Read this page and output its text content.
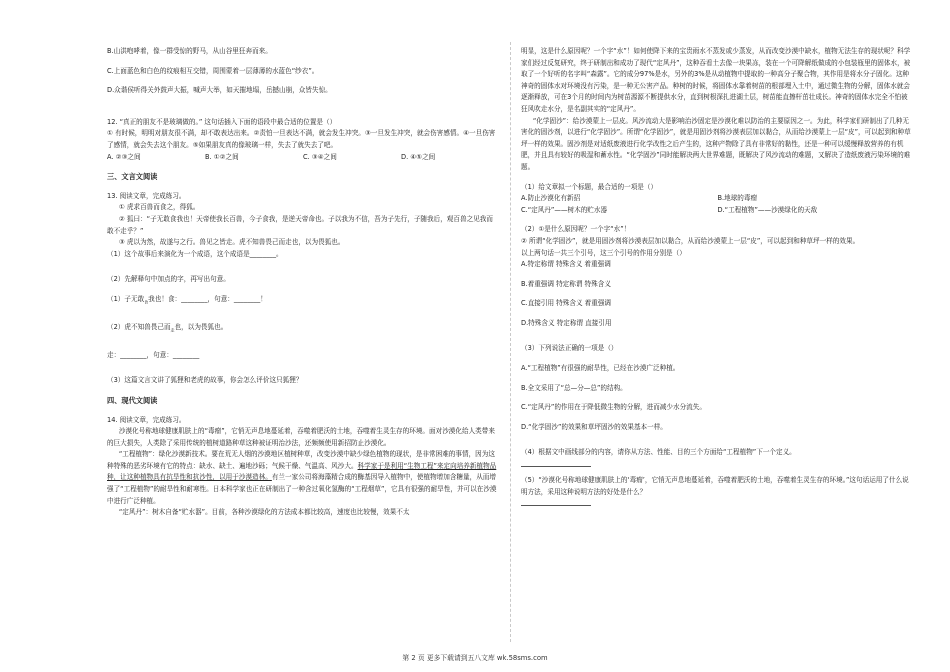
B.山洪咆哮着，像一群受惊的野马，从山谷里狂奔而来。

C.上面蓝色和白色的纹痕相互交错，周围蒙着一层薄薄的水蓝色“纱衣”。

D.众谐侯听得关外鼓声大振，喊声大举，如天摧地塌，岳撼山崩，众皆失惊。

12. “真正的朋友不是玻璃做的。” 这句话插入下面的语段中最合适的位置是（）

① 有时候，明明对朋友很不满，却不敢表达出来。②责怕一旦表达不满，就会发生冲突。③一旦发生冲突，就会伤害感情。④一旦伤害了感情，就会失去这个朋友。⑤如果朋友真的像玻璃一样，失去了就失去了吧。

A. ②③之间	B. ①②之间	C. ③④之间	D. ④⑤之间

三、文言文阅读

13. 阅读文章，完成练习。

① 虎求百兽而食之，得狐。

② 狐曰：“子无敢食我也！天帝使我长百兽，今子食我，是逆天帝命也。子以我为不信，吾为子先行，子随我后，观百兽之见我而敢不走乎？”

③ 虎以为然，故遂与之行。兽见之皆走。虎不知兽畏己而走也，以为畏狐也。

（1）这个故事后来演化为一个成语，这个成语是________。

（2）先解释句中加点的字，再写出句意。

（1）子无敢$_食$我也！食：________，句意：________！

（2）虎不知兽畏己而$_走$也，以为畏狐也。

走：________，句意：________

（3）这篇文言文讲了狐狸和老虎的故事，你会怎么评价这只狐狸？

四、现代文阅读

14. 阅读文章，完成练习。

沙漠化号称地球健康肌肤上的“毒瘤”，它悄无声息地蔓延着，吞噬着肥沃的土地，吞噬着生灵生存的环境。面对沙漠化给人类带来的巨大损失，人类除了采用传统的植树道路种草这种被证明治沙法，还频频使用新招防止沙漠化。

“工程植物”：绿化沙漠新技术。要在荒无人烟的沙漠地区植树种草，改变沙漠中缺少绿色植物的现状，是非常困难的事情，因为这种特殊的恶劣环境有它的特点：缺水、缺土、遍地沙砾；气候干燥、气温高、风沙大。科学家于是利用“生物工程”来定向培养新植物品种，让这种植物具有抗旱性和抗沙性，以用于沙漠造林。有兰一家公司将海藻精合成的酶基因导入植物中，使植物增加含糖量，从而增强了“工程植物”的耐旱性和耐寒性。日本科学家也正在研制出了一种含过氧化氢酶的“工程烟草”，它具有很强的耐旱性，并可以在沙漠中进行广泛种植。

“定风丹”：树木自备“贮水器”。目前，各种沙漠绿化的方法成本都比较高，速度也比较慢，效果不太

明显，这是什么原因呢？一个字“水”！如何使降下来的宝贵雨水不蒸发或少蒸发，从而改变沙漠中缺水，植物无法生存的现状呢？科学家们经过反复研究，终于研制出和成功了现代“定风丹”，这种吞看土去像一块果冻，装在一个可降解纸做成的小包装瓶里的固体水，被取了一个好听的名字叫“森露”。它的成分97%是水，另外的3%是从动植物中提取的一种高分子聚合物，其作用是将水分子固化。这种神奇的固体水对环境没有污染，是一种无公害产品。种树的时候，将固体水靠着树苗的根部埋入土中，通过微生物的分解，固体水就会逐渐释放，可在3个月的时间内为树苗源源不断提供水分，直到树根深扎进湖土层，树苗能直擦杆茁壮成长。神奇的固体水完全不怕被狂风吹走水分，是名副其实的“定风丹”。

“化学固沙”：给沙漠蒙上一层皮。风沙流动大是影响治沙固定是沙漠化难以防治的主要原因之一。为此，科学家们研制出了几种无害化的固沙剂，以进行“化学固沙”。所谓“化学固沙”，就是用固沙剂将沙漠表层加以黏合，从而给沙漠蒙上一层“皮”，可以起到和种草坪一样的效果。固沙剂是对适纸废液进行化学改性之后产生的，这种产物除了具有非常好的黏性，还是一种可以缓慢释放营养的有机肥，并且具有较好的吸湿和蓄水性。“化学固沙”同时能解决两大世界难题，既解决了风沙流动的难题，又解决了造纸废液污染环境的难题。

（1）给文章拟一个标题，最合适的一项是（）

A.防止沙漠化有新招	B.地球的毒瘤
C.“定风丹”——树木的贮水器	D.“工程植物”——沙漠绿化的天敌

（2）①是什么原因呢？一个字“水”！

② 所谓“化学固沙”，就是用固沙剂将沙漠表层加以黏合，从而给沙漠蒙上一层“皮”，可以起到和种草坪一样的效果。

以上两句话一共三个引号，这三个引号的作用分别是（）

A.特定称谓 特殊含义 着重强调

B.着重强调 特定称谓 特殊含义

C.直接引用 特殊含义 着重强调

D.特殊含义 特定称谓 直接引用

（3）下列说法正确的一项是（）

A.“工程植物”有很强的耐旱性，已经在沙漠广泛种植。

B.全文采用了“总—分—总”的结构。

C.“定风丹”的作用在于降低微生物的分解，进而减少水分流失。

D.“化学固沙”的效果和草坪固沙的效果基本一样。

（4）根据文中画线部分的内容，请你从方法、性能、目的三个方面给“工程植物”下一个定义。

（5）“沙漠化号称地球健康肌肤上的‘毒瘤’，它悄无声息地蔓延着，吞噬着肥沃的土地，吞噬着生灵生存的环境。”这句话运用了什么说明方法，采用这种说明方法的好处是什么？

第 2 页 更多下载请到五八文库 wk.58sms.com
